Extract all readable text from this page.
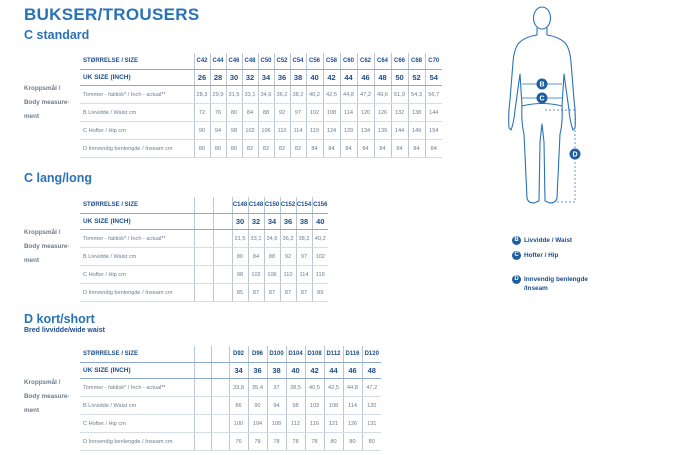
BUKSER/TROUSERS
C standard
Kroppsmål /
Body measure-
ment
STØRRELSE / SIZE	C42	C44	C46	C48	C50	C52	C54	C56	C58	C60	C62	C64	C66	C68	C70
UK SIZE (INCH)	26	28	30	32	34	36	38	40	42	44	46	48	50	52	54
Tommer - faktisk* / Inch - actual**	28,3	29,9	31,5	33,1	34,6	36,2	38,2	40,2	42,5	44,8	47,2	49,6	51,9	54,3	56,7
B Livvidde / Waist cm	72	76	80	84	88	92	97	102	108	114	120	126	132	138	144
C Hofter / Hip cm	90	94	98	102	106	110	114	119	124	129	134	139	144	149	154
D Innvendig benlengde / Inseam cm	80	80	80	82	82	82	82	84	84	84	84	84	84	84	84
C lang/long
Kroppsmål /
Body measure-
ment
STØRRELSE / SIZE			C148	C148	C150	C152	C154	C156
UK SIZE (INCH)			30	32	34	36	38	40
Tommer - faktisk* / Inch - actual**			31,5	33,1	34,6	36,2	38,2	40,2
B Livvidde / Waist cm			80	84	88	92	97	102
C Hofter / Hip cm			98	102	106	110	114	119
D Innvendig benlengde / Inseam cm			85	87	87	87	87	89
D kort/short
Bred livvidde/wide waist
Kroppsmål /
Body measure-
ment
STØRRELSE / SIZE			D92	D96	D100	D104	D108	D112	D116	D120
UK SIZE (INCH)			34	36	38	40	42	44	46	48
Tommer - faktisk* / Inch - actual**			33,8	35,4	37	38,5	40,5	42,5	44,8	47,2
B Livvidde / Waist cm			86	90	94	98	103	108	114	120
C Hofter / Hip cm			100	104	108	112	116	121	126	131
D Innvendig benlengde / Inseam cm			76	78	78	78	78	80	80	80
B
C
D
B Livvidde / Waist
C Hofter / Hip

D Innvendig benlengde
/Inseam
